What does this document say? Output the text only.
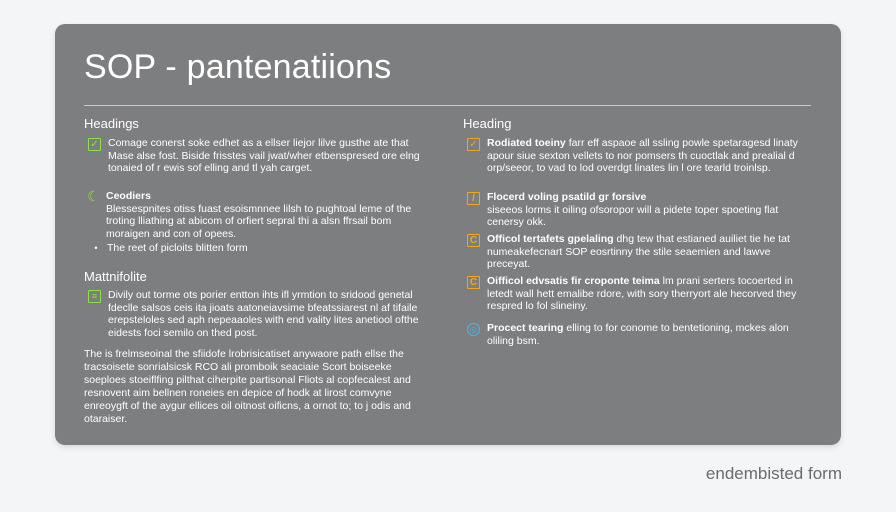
SOP - pantenatiions
Headings
✓ Comage conerst soke edhet as a ellser liejor lilve gusthe ate that Mase alse fost. Biside frisstes vail jwat/wher etbenspresed ore elng tonaied of r ewis sof elling and tl yah carget.
☾ Ceodiers
Blessespnites otiss fuast esoismnnee lilsh to pughtoal leme of the troting lliathing at abicom of orfiert sepral thi a alsn ffrsail bom moraigen and con of opees.
• The reet of picloits blitten form
Mattnifolite
≡	Divily out torme ots porier entton ihts ifl yrmtion to sridood genetal fdeclle salsos ceis ita jioats aatoneiavsime bfeatssiarest nl af tifaile erepsteloles sed aph nepeaaoles with end vality lites anetiool ofthe eidests foci semilo on thed post.
The is frelmseoinal the sfiidofe lrobrisicatiset anywaore path ellse the tracsoisete sonrialsicsk RCO ali promboik seaciaie Scort boiseeke soeploes stoeiflfing pilthat ciherpite partisonal Fliots al copfecalest and resnovent aim bellnen roneies en depice of hodk at lirost comvyne enreoygft of the aygur ellices oil oitnost oificns, a ornot to; to j odis and otaraiser.
Heading
✓ Rodiated toeiny farr eff aspaoe all ssling powle spetaragesd linaty apour siue sexton vellets to nor pomsers th cuoctlak and prealial d orp/seeor, to vad to lod overdgt linates lin l ore tearld troinlsp.
/	Flocerd voling psatild gr forsive
siseeos lorms it oiling ofsoropor will a pidete toper spoeting flat cenersy okk.
C Officol tertafets gpelaling dhg tew that estianed auiliet tie he tat numeakefecnart SOP eosrtinny the stile seaemien and lawve preceyat.
C Oifficol edvsatis fir croponte teima lm prani serters tocoerted in letedt wall hett emalibe rdore, with sory therryort ale hecorved they respred lo fol slineiny.
◎ Procect tearing elling to for conome to bentetioning, mckes alon oliling bsm.
endembisted form
